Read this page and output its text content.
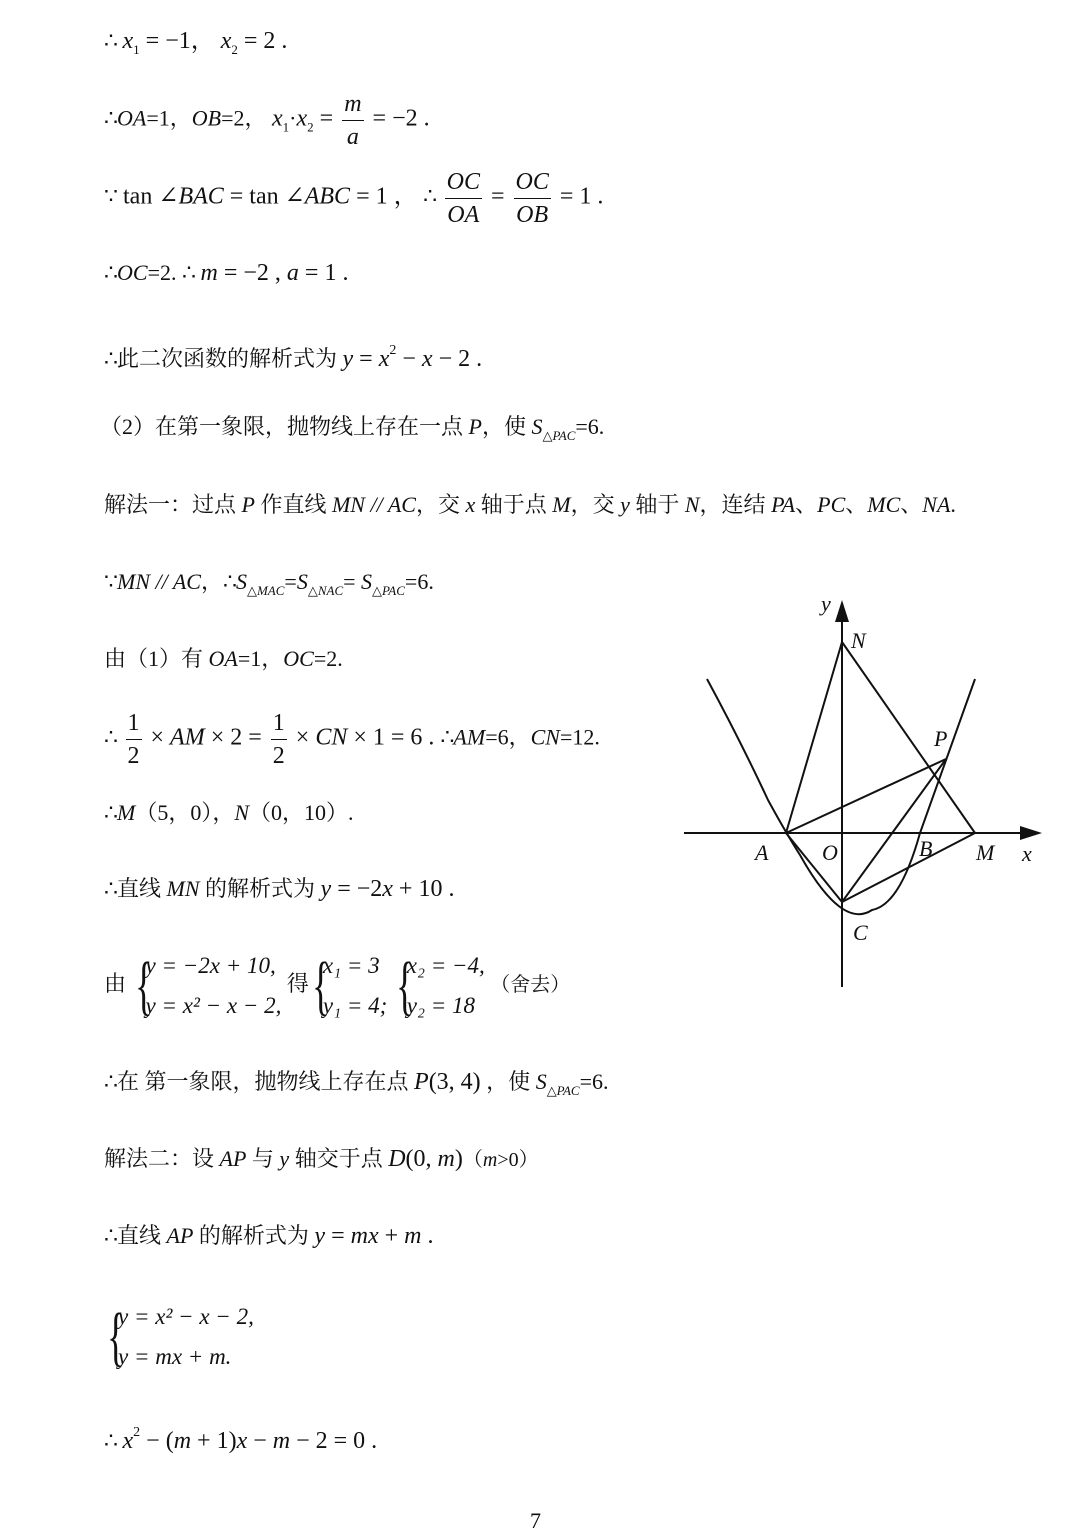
∴ $x_1 = -1$， $x_2 = 2$ .
∴OA=1，OB=2， $x_1\cdot x_2 = \frac{m}{a} = -2$ .
∵ tan ∠BAC = tan ∠ABC = 1 ， ∴ $\frac{OC}{OA} = \frac{OC}{OB} = 1$ .
∴OC=2. ∴ m = −2 , a = 1 .
∴此二次函数的解析式为 $y = x^2 - x - 2$ .
（2）在第一象限，抛物线上存在一点 P，使 $S_{\triangle PAC}=6$.
解法一：过点 P 作直线 MN // AC，交 x 轴于点 M，交 y 轴于 N，连结 PA、PC、MC、NA.
∵MN // AC，$\therefore S_{\triangle MAC}=S_{\triangle NAC}= S_{\triangle PAC}=6$.
由（1）有 OA=1，OC=2.
∴ $\frac{1}{2}$ × AM × $2 = \frac{1}{2}$ × CN × 1 = 6 . ∴AM=6，CN=12.
∴M（5，0），N（0，10）.
∴直线 MN 的解析式为 y = −2x + 10 .
由 {
y = −2x + 10,
y = x² − x − 2,
得 {
x₁ = 3
y₁ = 4;
{
x₂ = −4,
y₂ = 18
（舍去）
∴在 第一象限，抛物线上存在点 P(3, 4) ，使 $S_{\triangle PAC}=6$.
解法二：设 AP 与 y 轴交于点 D(0, m)（m>0）
∴直线 AP 的解析式为 y = mx + m .
{
y = x² − x − 2,
y = mx + m.
∴ $x^2 - (m + 1)x - m - 2 = 0$ .
7
y
x
N
P
A O	B M
C
